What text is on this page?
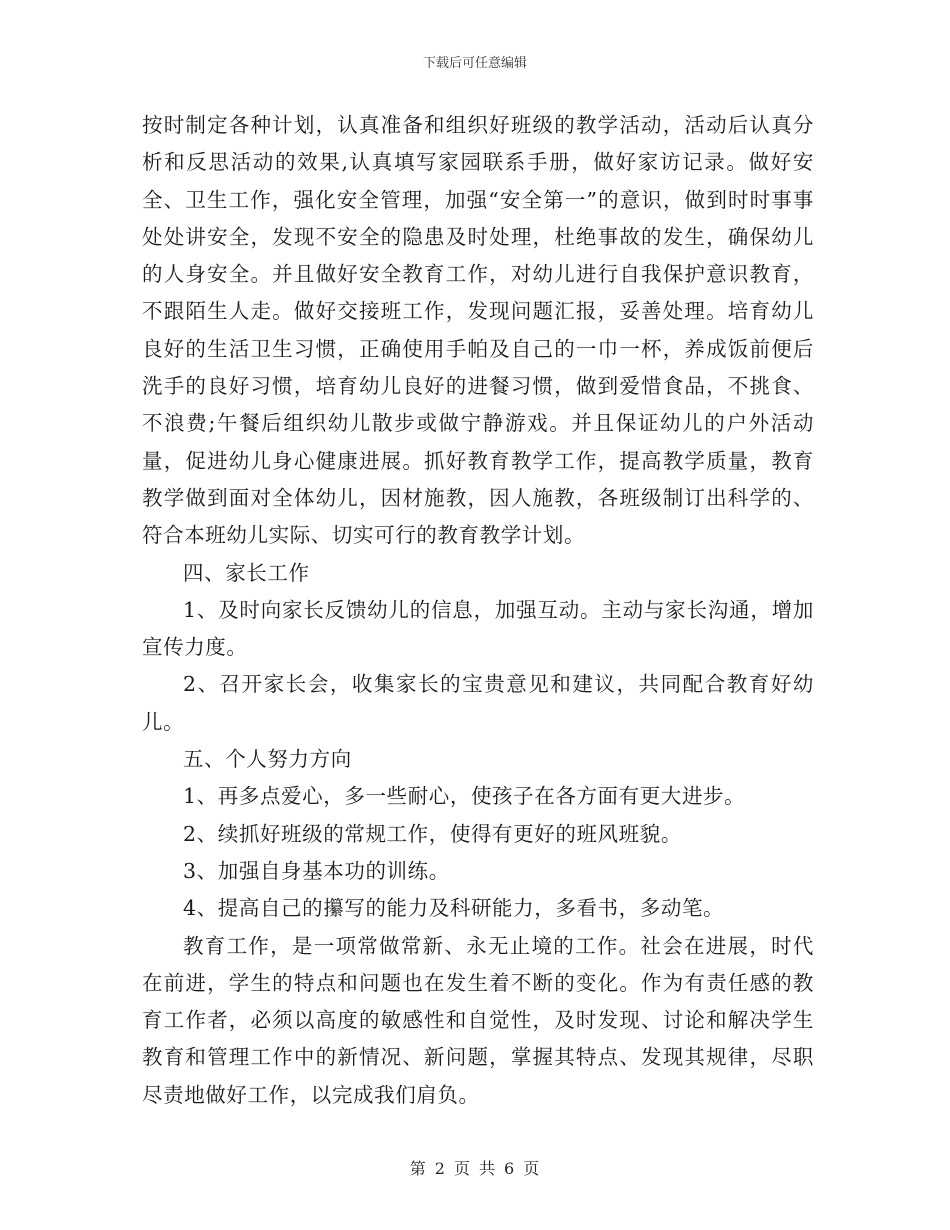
下载后可任意编辑

按时制定各种计划，认真准备和组织好班级的教学活动，活动后认真分析和反思活动的效果,认真填写家园联系手册，做好家访记录。做好安全、卫生工作，强化安全管理，加强“安全第一”的意识，做到时时事事处处讲安全，发现不安全的隐患及时处理，杜绝事故的发生，确保幼儿的人身安全。并且做好安全教育工作，对幼儿进行自我保护意识教育，不跟陌生人走。做好交接班工作，发现问题汇报，妥善处理。培育幼儿良好的生活卫生习惯，正确使用手帕及自己的一巾一杯，养成饭前便后洗手的良好习惯，培育幼儿良好的进餐习惯，做到爱惜食品，不挑食、不浪费;午餐后组织幼儿散步或做宁静游戏。并且保证幼儿的户外活动量，促进幼儿身心健康进展。抓好教育教学工作，提高教学质量，教育教学做到面对全体幼儿，因材施教，因人施教，各班级制订出科学的、符合本班幼儿实际、切实可行的教育教学计划。

四、家长工作

1、及时向家长反馈幼儿的信息，加强互动。主动与家长沟通，增加宣传力度。

2、召开家长会，收集家长的宝贵意见和建议，共同配合教育好幼儿。

五、个人努力方向

1、再多点爱心，多一些耐心，使孩子在各方面有更大进步。

2、续抓好班级的常规工作，使得有更好的班风班貌。

3、加强自身基本功的训练。

4、提高自己的攥写的能力及科研能力，多看书，多动笔。

教育工作，是一项常做常新、永无止境的工作。社会在进展，时代在前进，学生的特点和问题也在发生着不断的变化。作为有责任感的教育工作者，必须以高度的敏感性和自觉性，及时发现、讨论和解决学生教育和管理工作中的新情况、新问题，掌握其特点、发现其规律，尽职尽责地做好工作，以完成我们肩负。

第 2 页 共 6 页
